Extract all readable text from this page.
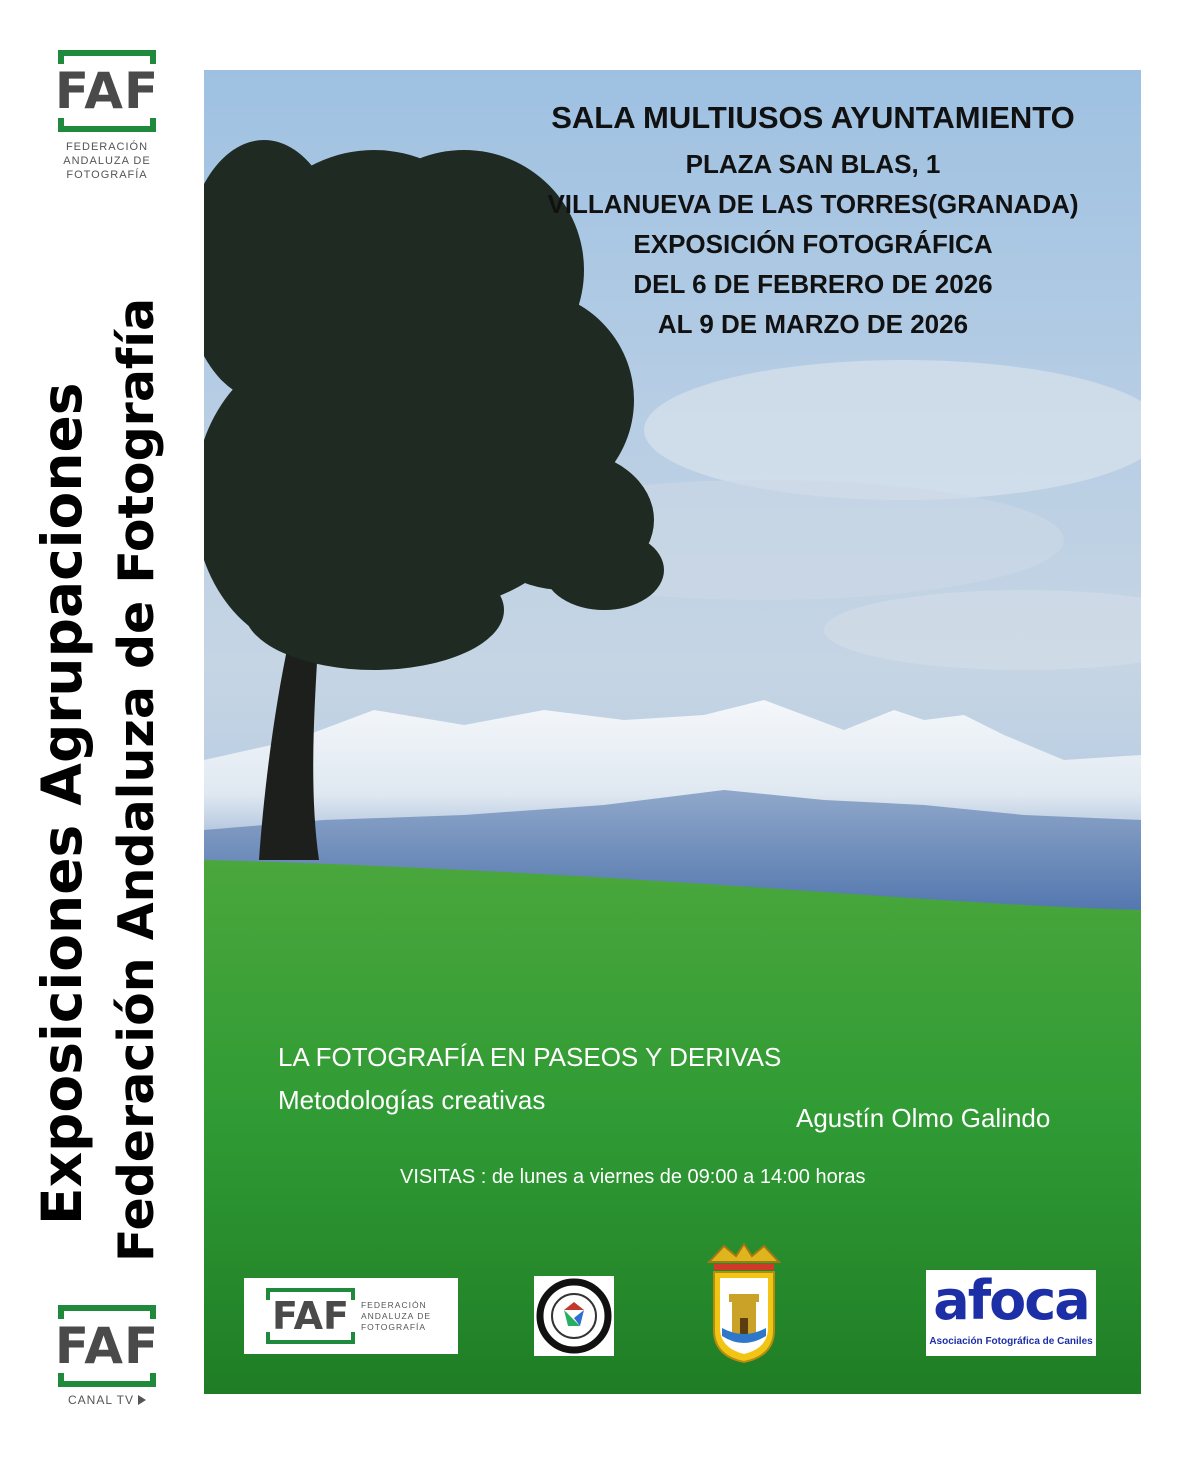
FAF
FEDERACIÓN
ANDALUZA DE
FOTOGRAFÍA
Exposiciones Agrupaciones Federación Andaluza de Fotografía
FAF
CANAL TV
SALA MULTIUSOS AYUNTAMIENTO
PLAZA SAN BLAS, 1
VILLANUEVA DE LAS TORRES(GRANADA)
EXPOSICIÓN FOTOGRÁFICA
DEL 6 DE FEBRERO DE 2026
AL 9 DE MARZO DE 2026
LA FOTOGRAFÍA EN PASEOS Y DERIVAS
Metodologías creativas
Agustín Olmo Galindo
VISITAS : de lunes a viernes de 09:00 a 14:00 horas
FAF FEDERACIÓN
ANDALUZA DE
FOTOGRAFÍA	afoca
Asociación Fotográfica de Caniles
